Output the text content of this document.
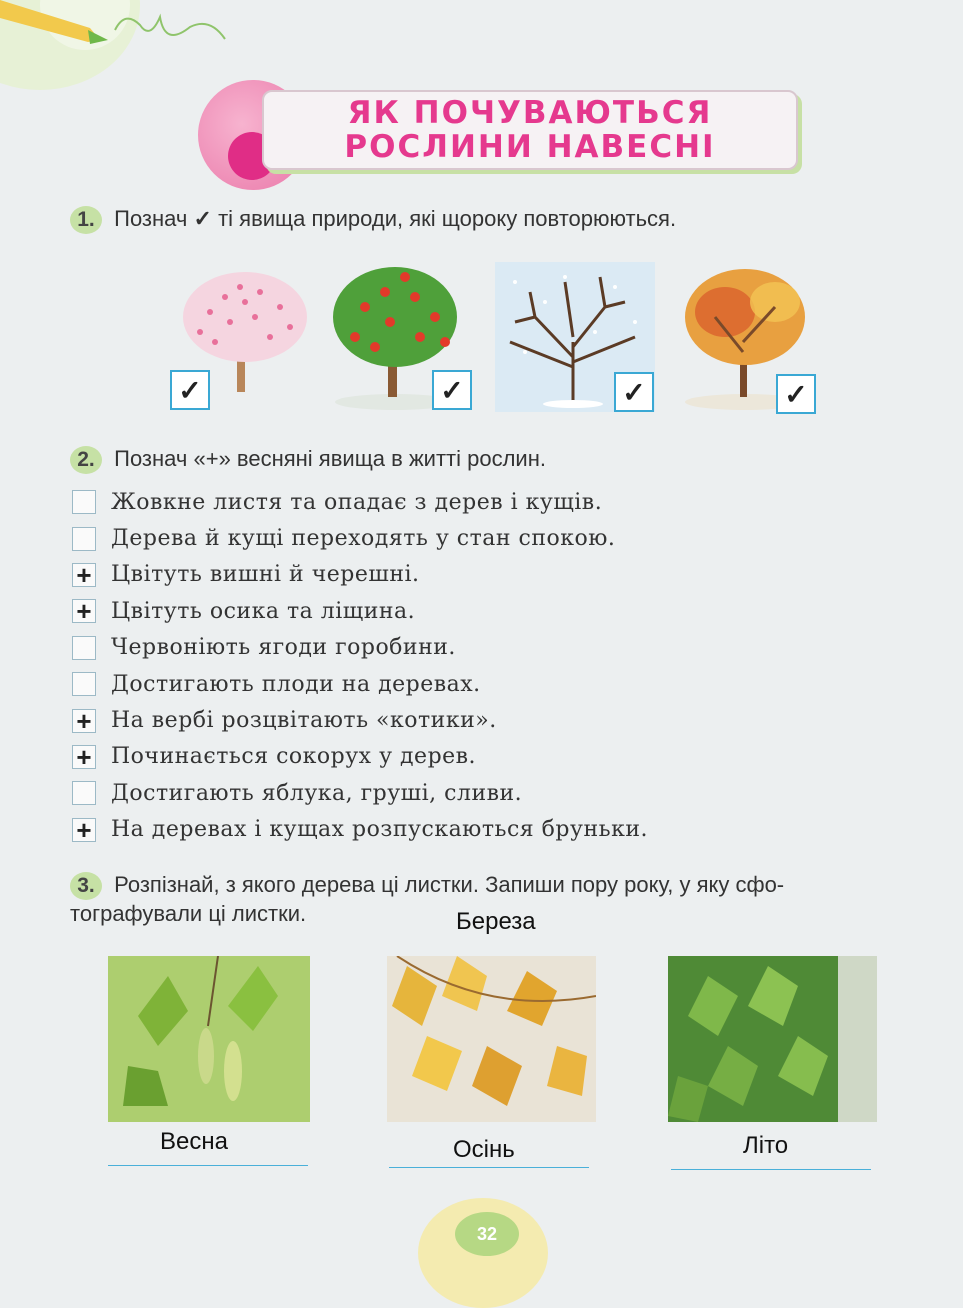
ЯК ПОЧУВАЮТЬСЯ
РОСЛИНИ НАВЕСНІ
1. Познач ✓ ті явища природи, які щороку повторюються.
✓	✓	✓	✓
2. Познач «+» весняні явища в житті рослин.
Жовкне листя та опадає з дерев і кущів.
Дерева й кущі переходять у стан спокою.
+ Цвітуть вишні й черешні.
+ Цвітуть осика та ліщина.
Червоніють ягоди горобини.
Достигають плоди на деревах.
+ На вербі розцвітають «котики».
+ Починається сокорух у дерев.
Достигають яблука, груші, сливи.
+ На деревах і кущах розпускаються бруньки.
3. Розпізнай, з якого дерева ці листки. Запиши пору року, у яку сфо-
тографували ці листки.	Береза
Весна	Осінь	Літо
32
